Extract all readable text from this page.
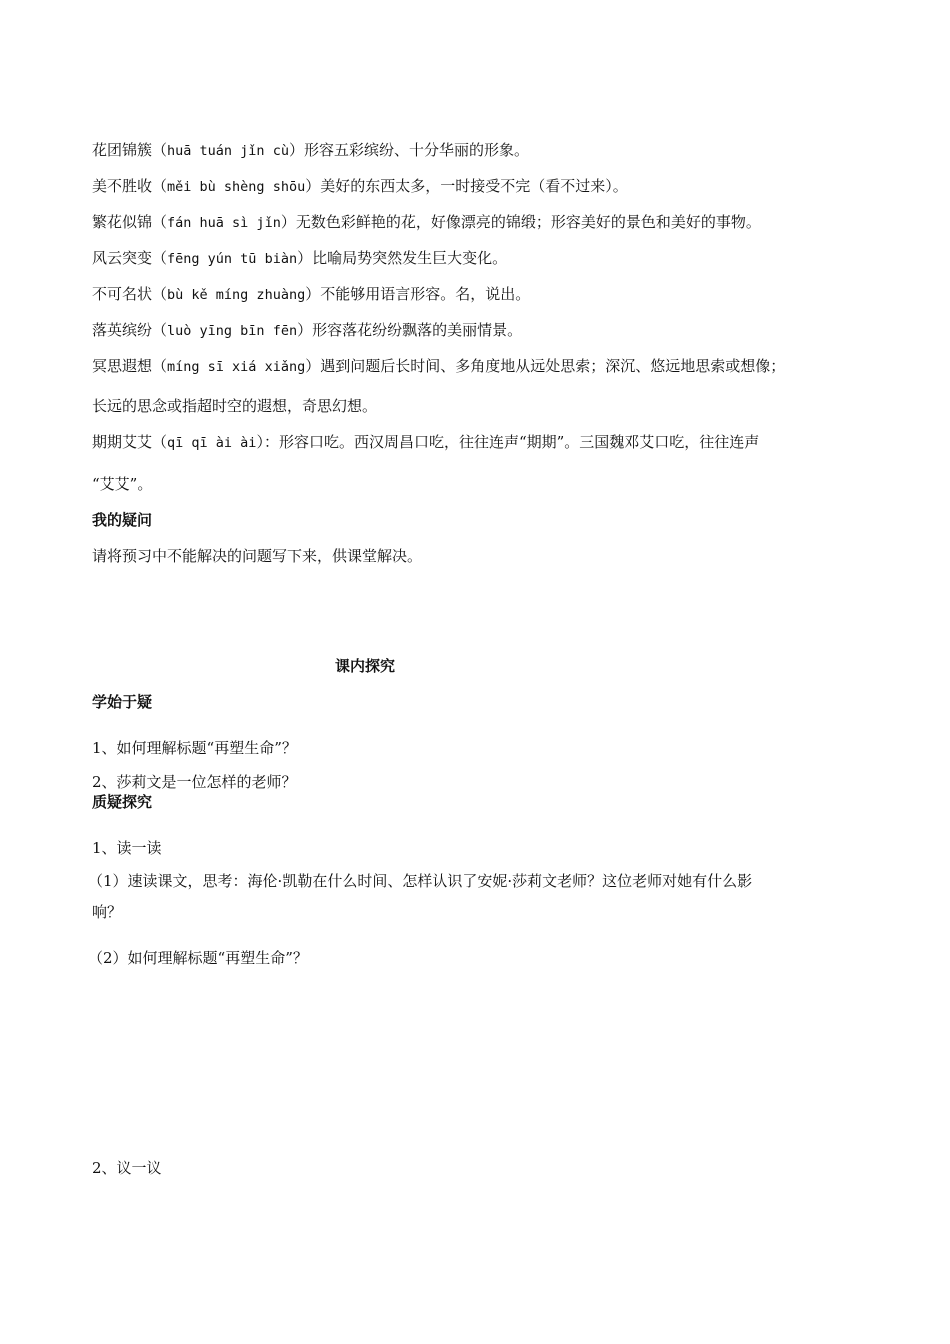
花团锦簇（huā tuán jǐn cù）形容五彩缤纷、十分华丽的形象。
美不胜收（měi bù shèng shōu）美好的东西太多，一时接受不完（看不过来）。
繁花似锦（fán huā sì jǐn）无数色彩鲜艳的花，好像漂亮的锦缎；形容美好的景色和美好的事物。
风云突变（fēng yún tū biàn）比喻局势突然发生巨大变化。
不可名状（bù kě míng zhuàng）不能够用语言形容。名，说出。
落英缤纷（luò yīng bīn fēn）形容落花纷纷飘落的美丽情景。
冥思遐想（míng sī xiá xiǎng）遇到问题后长时间、多角度地从远处思索；深沉、悠远地思索或想像；
长远的思念或指超时空的遐想，奇思幻想。
期期艾艾（qī qī ài ài）：形容口吃。西汉周昌口吃，往往连声“期期”。三国魏邓艾口吃，往往连声
“艾艾”。
我的疑问
请将预习中不能解决的问题写下来，供课堂解决。
课内探究
学始于疑
1、如何理解标题“再塑生命”？
2、莎莉文是一位怎样的老师？
质疑探究
1、读一读
（1）速读课文，思考：海伦·凯勒在什么时间、怎样认识了安妮·莎莉文老师？这位老师对她有什么影
响？
（2）如何理解标题“再塑生命”？
2、议一议
